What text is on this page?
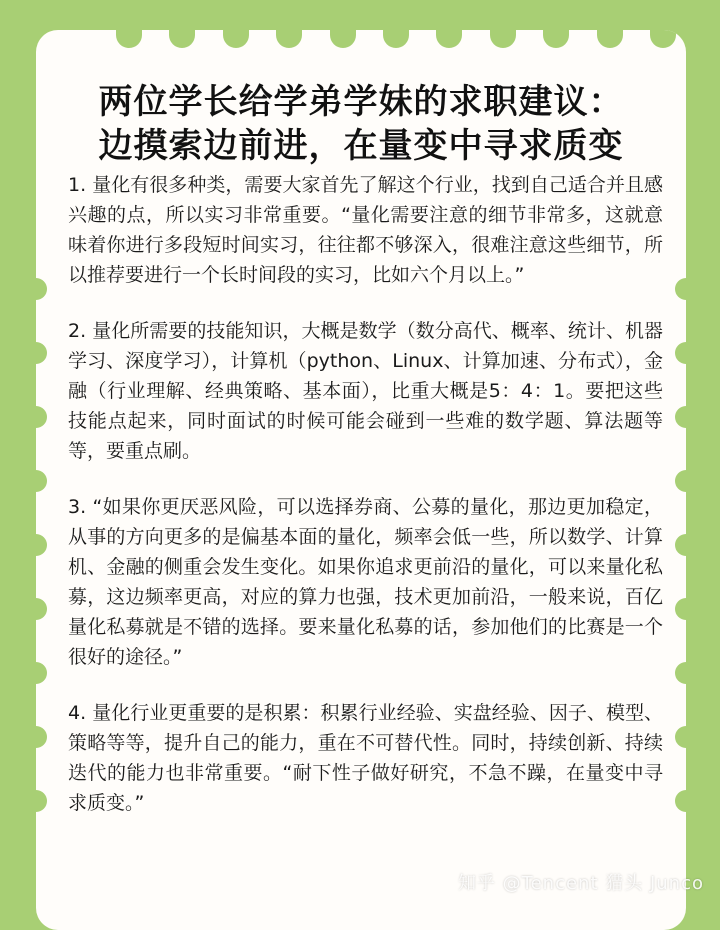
两位学长给学弟学妹的求职建议：
边摸索边前进，在量变中寻求质变

1. 量化有很多种类，需要大家首先了解这个行业，找到自己适合并且感兴趣的点，所以实习非常重要。“量化需要注意的细节非常多，这就意味着你进行多段短时间实习，往往都不够深入，很难注意这些细节，所以推荐要进行一个长时间段的实习，比如六个月以上。”

2. 量化所需要的技能知识，大概是数学（数分高代、概率、统计、机器学习、深度学习），计算机（python、Linux、计算加速、分布式），金融（行业理解、经典策略、基本面），比重大概是5：4：1。要把这些技能点起来，同时面试的时候可能会碰到一些难的数学题、算法题等等，要重点刷。

3. “如果你更厌恶风险，可以选择券商、公募的量化，那边更加稳定，从事的方向更多的是偏基本面的量化，频率会低一些，所以数学、计算机、金融的侧重会发生变化。如果你追求更前沿的量化，可以来量化私募，这边频率更高，对应的算力也强，技术更加前沿，一般来说，百亿量化私募就是不错的选择。要来量化私募的话，参加他们的比赛是一个很好的途径。”

4. 量化行业更重要的是积累：积累行业经验、实盘经验、因子、模型、策略等等，提升自己的能力，重在不可替代性。同时，持续创新、持续迭代的能力也非常重要。“耐下性子做好研究，不急不躁，在量变中寻求质变。”

知乎 @Tencent 猎头 Junco
